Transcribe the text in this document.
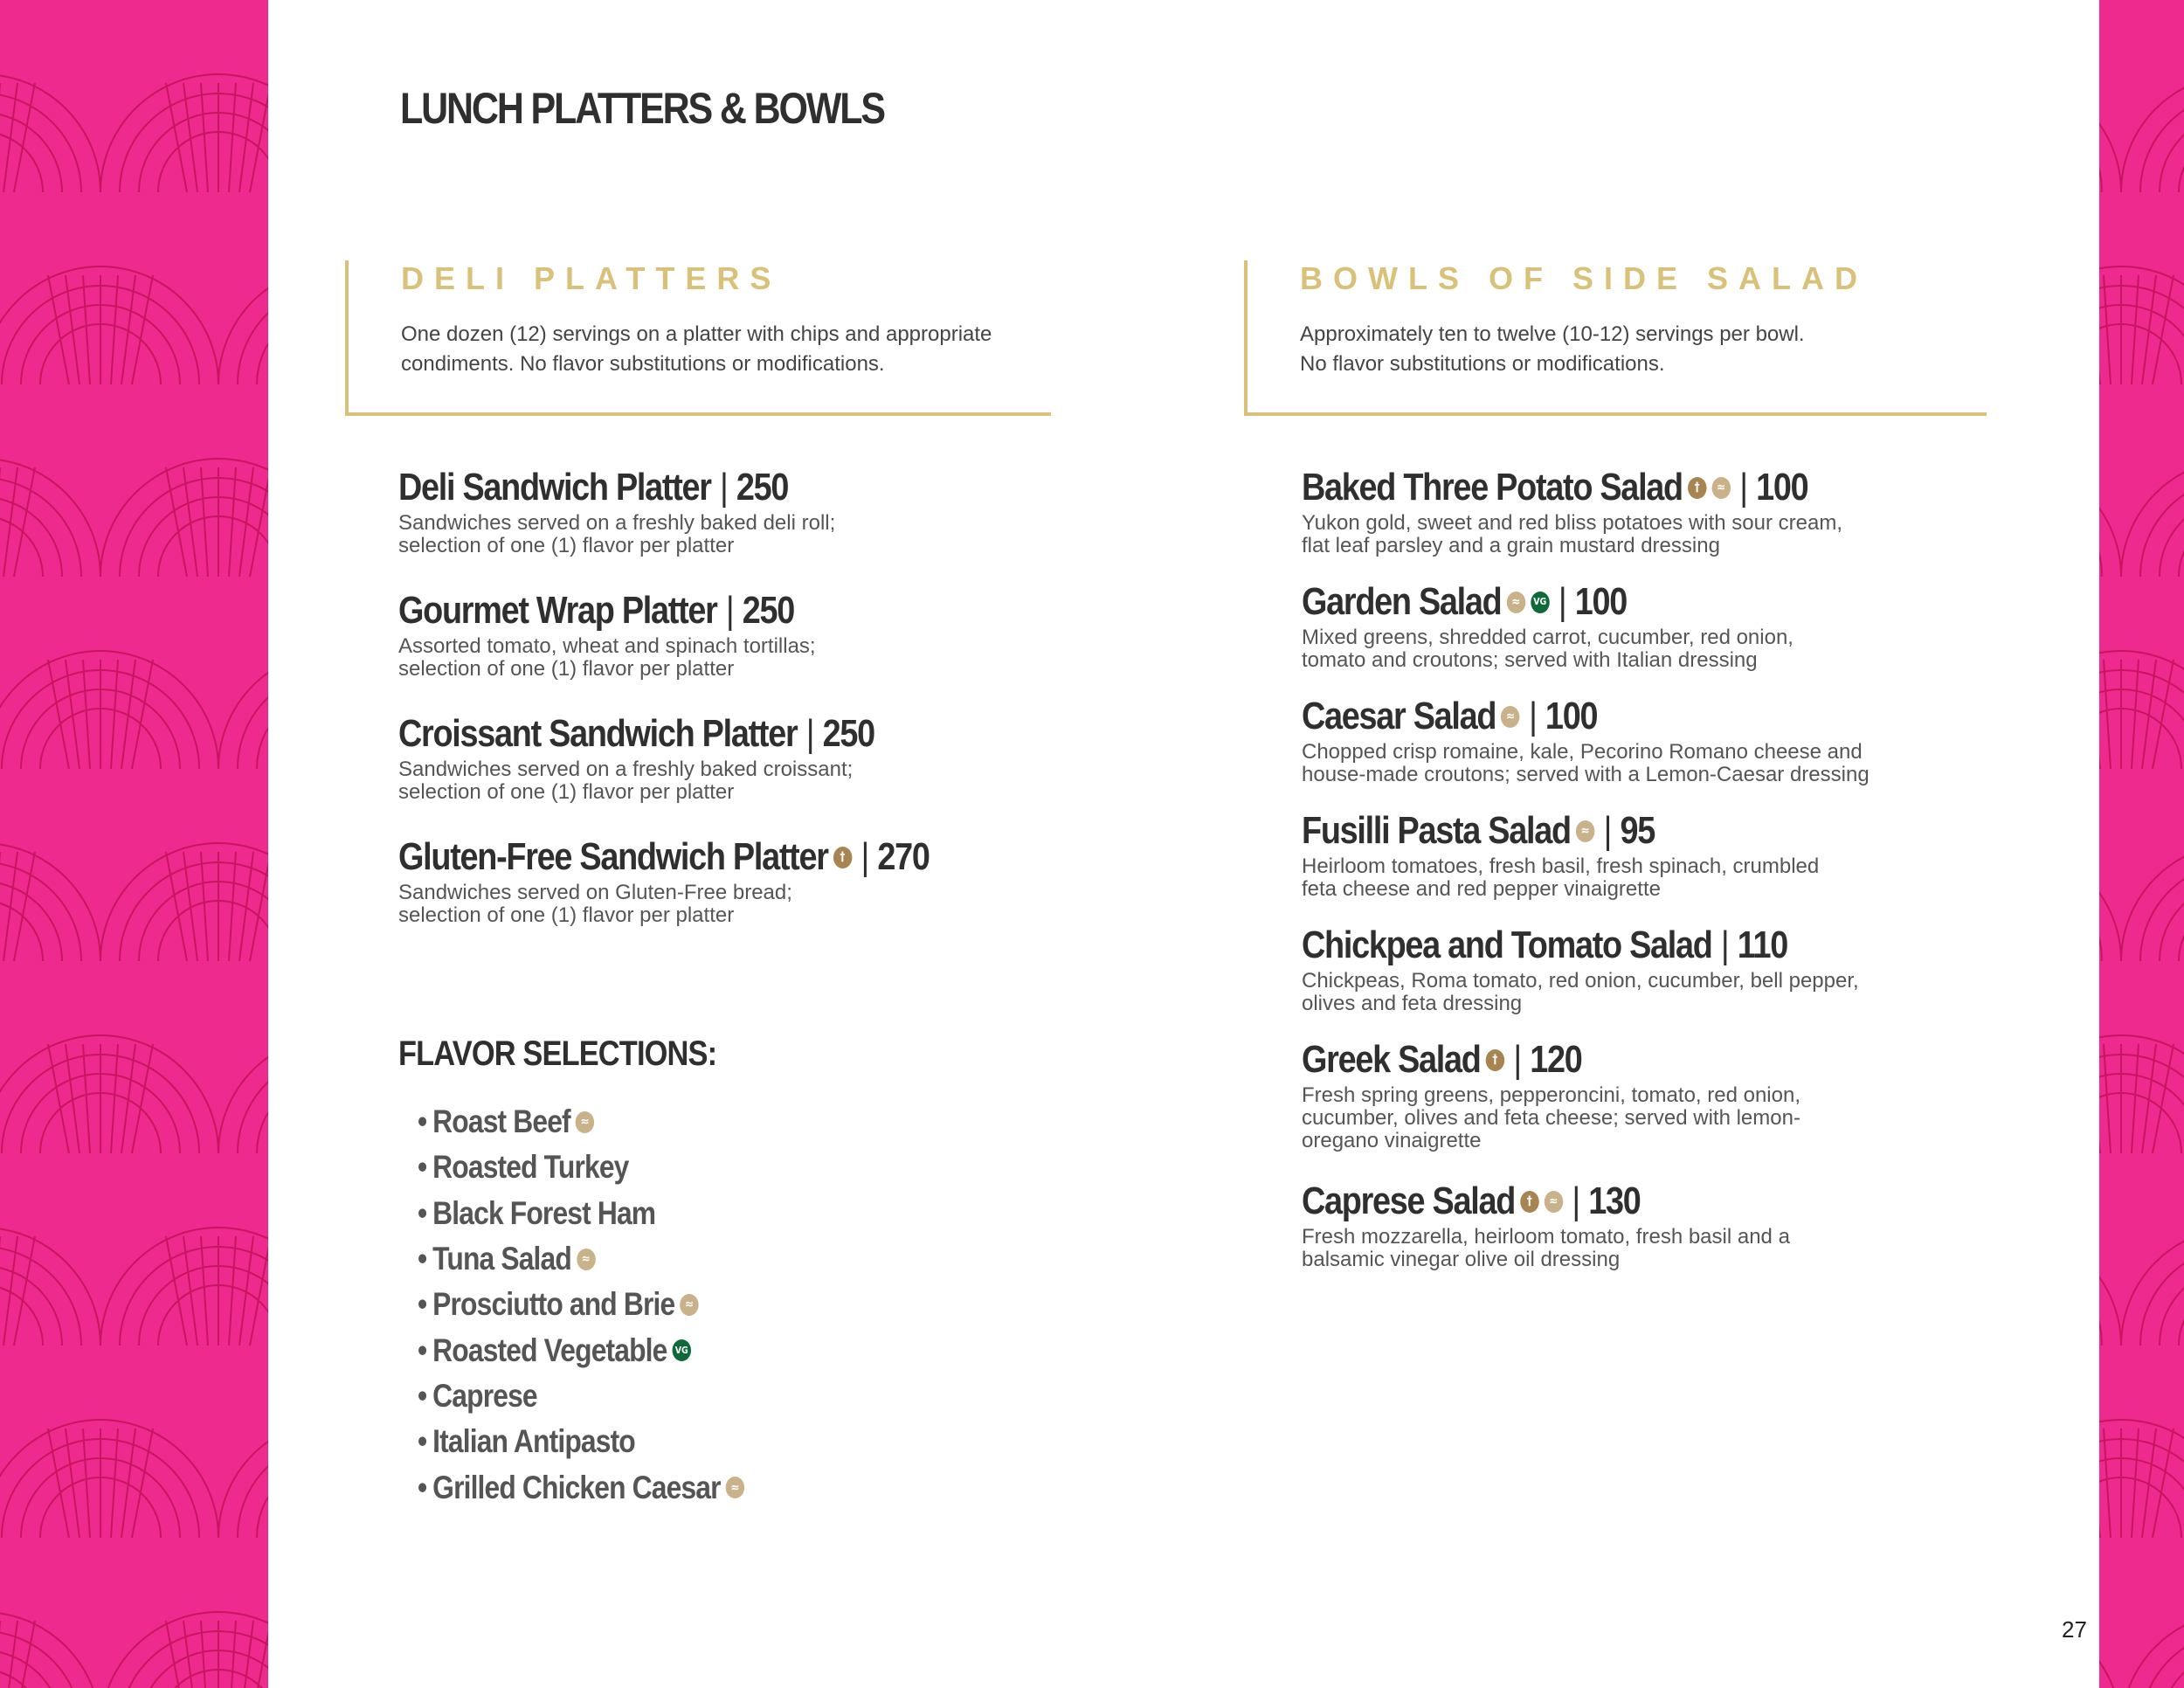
LUNCH PLATTERS & BOWLS
DELI PLATTERS

One dozen (12) servings on a platter with chips and appropriate
condiments. No flavor substitutions or modifications.

BOWLS OF SIDE SALAD

Approximately ten to twelve (10-12) servings per bowl.
No flavor substitutions or modifications.

Deli Sandwich Platter | 250

Sandwiches served on a freshly baked deli roll;
selection of one (1) flavor per platter

Gourmet Wrap Platter | 250

Assorted tomato, wheat and spinach tortillas;
selection of one (1) flavor per platter

Croissant Sandwich Platter | 250

Sandwiches served on a freshly baked croissant;
selection of one (1) flavor per platter

Gluten-Free Sandwich Platter † | 270

Sandwiches served on Gluten-Free bread;
selection of one (1) flavor per platter

FLAVOR SELECTIONS:
• Roast Beef ≈
• Roasted Turkey
• Black Forest Ham
• Tuna Salad ≈
• Prosciutto and Brie ≈
• Roasted Vegetable VG
• Caprese
• Italian Antipasto
• Grilled Chicken Caesar ≈
Baked Three Potato Salad †	≈ | 100

Yukon gold, sweet and red bliss potatoes with sour cream,
flat leaf parsley and a grain mustard dressing

Garden Salad ≈	VG | 100

Mixed greens, shredded carrot, cucumber, red onion,
tomato and croutons; served with Italian dressing

Caesar Salad ≈ | 100

Chopped crisp romaine, kale, Pecorino Romano cheese and
house-made croutons; served with a Lemon-Caesar dressing

Fusilli Pasta Salad ≈ | 95

Heirloom tomatoes, fresh basil, fresh spinach, crumbled
feta cheese and red pepper vinaigrette

Chickpea and Tomato Salad | 110

Chickpeas, Roma tomato, red onion, cucumber, bell pepper,
olives and feta dressing

Greek Salad † | 120

Fresh spring greens, pepperoncini, tomato, red onion,
cucumber, olives and feta cheese; served with lemon-
oregano vinaigrette

Caprese Salad †	≈ | 130

Fresh mozzarella, heirloom tomato, fresh basil and a
balsamic vinegar olive oil dressing

27
